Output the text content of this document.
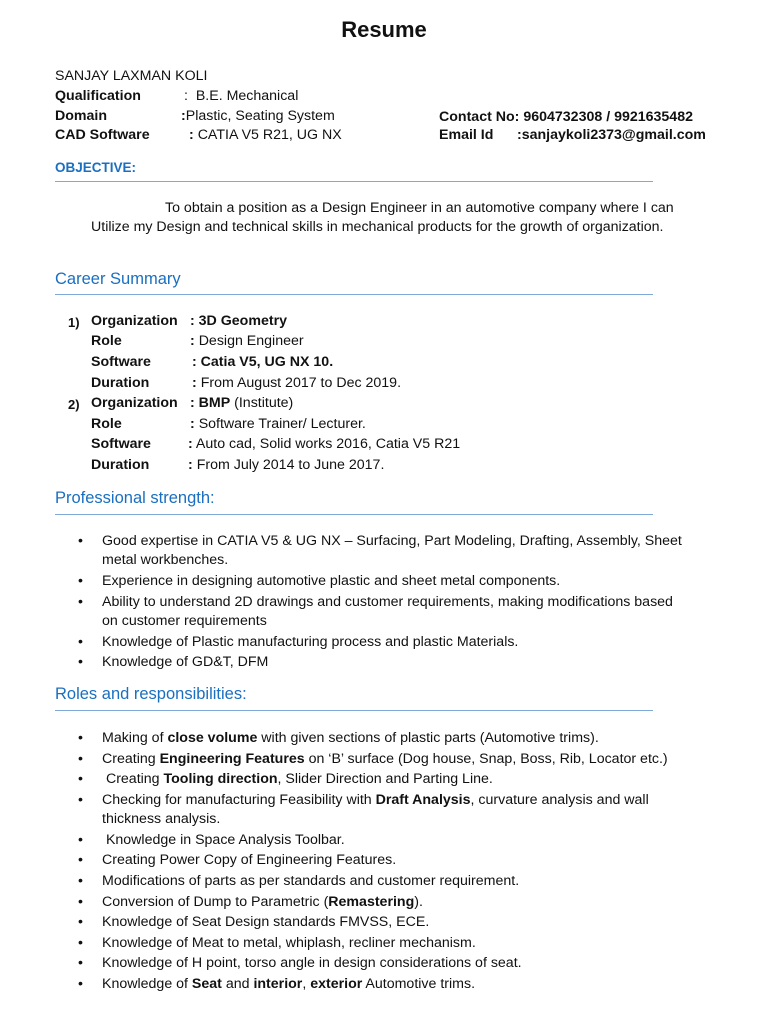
Resume
SANJAY LAXMAN KOLI
Qualification	:  B.E. Mechanical
Domain	:Plastic, Seating System
CAD Software	: CATIA V5 R21, UG NX
Contact No: 9604732308 / 9921635482
Email Id :sanjaykoli2373@gmail.com
OBJECTIVE:
To obtain a position as a Design Engineer in an automotive company where I can Utilize my Design and technical skills in mechanical products for the growth of organization.
Career Summary
1) Organization : 3D Geometry
Role	: Design Engineer
Software	: Catia V5, UG NX 10.
Duration	: From August 2017 to Dec 2019.
2) Organization : BMP (Institute)
Role	: Software Trainer/ Lecturer.
Software	: Auto cad, Solid works 2016, Catia V5 R21
Duration	: From July 2014 to June 2017.
Professional strength:
•	Good expertise in CATIA V5 & UG NX – Surfacing, Part Modeling, Drafting, Assembly, Sheet metal workbenches.
•	Experience in designing automotive plastic and sheet metal components.
•	Ability to understand 2D drawings and customer requirements, making modifications based on customer requirements
•	Knowledge of Plastic manufacturing process and plastic Materials.
•	Knowledge of GD&T, DFM
Roles and responsibilities:
•	Making of close volume with given sections of plastic parts (Automotive trims).
•	Creating Engineering Features on ‘B’ surface (Dog house, Snap, Boss, Rib, Locator etc.)
•	Creating Tooling direction, Slider Direction and Parting Line.
•	Checking for manufacturing Feasibility with Draft Analysis, curvature analysis and wall thickness analysis.
•	Knowledge in Space Analysis Toolbar.
•	Creating Power Copy of Engineering Features.
•	Modifications of parts as per standards and customer requirement.
•	Conversion of Dump to Parametric (Remastering).
•	Knowledge of Seat Design standards FMVSS, ECE.
•	Knowledge of Meat to metal, whiplash, recliner mechanism.
•	Knowledge of H point, torso angle in design considerations of seat.
•	Knowledge of Seat and interior, exterior Automotive trims.
